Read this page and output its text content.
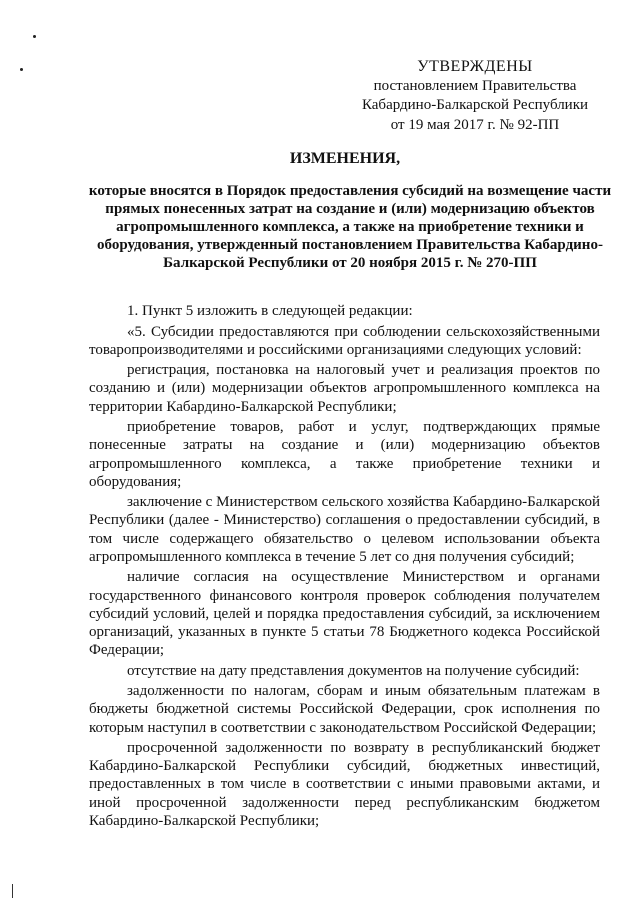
УТВЕРЖДЕНЫ
постановлением Правительства
Кабардино-Балкарской Республики
от 19 мая 2017 г. № 92-ПП
ИЗМЕНЕНИЯ,
которые вносятся в Порядок предоставления субсидий на возмещение части прямых понесенных затрат на создание и (или) модернизацию объектов агропромышленного комплекса, а также на приобретение техники и оборудования, утвержденный постановлением Правительства Кабардино-Балкарской Республики от 20 ноября 2015 г. № 270-ПП

1. Пункт 5 изложить в следующей редакции:

«5. Субсидии предоставляются при соблюдении сельскохозяйственными товаропроизводителями и российскими организациями следующих условий:

регистрация, постановка на налоговый учет и реализация проектов по созданию и (или) модернизации объектов агропромышленного комплекса на территории Кабардино-Балкарской Республики;

приобретение товаров, работ и услуг, подтверждающих прямые понесенные затраты на создание и (или) модернизацию объектов агропромышленного комплекса, а также приобретение техники и оборудования;

заключение с Министерством сельского хозяйства Кабардино-Балкарской Республики (далее - Министерство) соглашения о предоставлении субсидий, в том числе содержащего обязательство о целевом использовании объекта агропромышленного комплекса в течение 5 лет со дня получения субсидий;

наличие согласия на осуществление Министерством и органами государственного финансового контроля проверок соблюдения получателем субсидий условий, целей и порядка предоставления субсидий, за исключением организаций, указанных в пункте 5 статьи 78 Бюджетного кодекса Российской Федерации;

отсутствие на дату представления документов на получение субсидий:

задолженности по налогам, сборам и иным обязательным платежам в бюджеты бюджетной системы Российской Федерации, срок исполнения по которым наступил в соответствии с законодательством Российской Федерации;

просроченной задолженности по возврату в республиканский бюджет Кабардино-Балкарской Республики субсидий, бюджетных инвестиций, предоставленных в том числе в соответствии с иными правовыми актами, и иной просроченной задолженности перед республиканским бюджетом Кабардино-Балкарской Республики;
